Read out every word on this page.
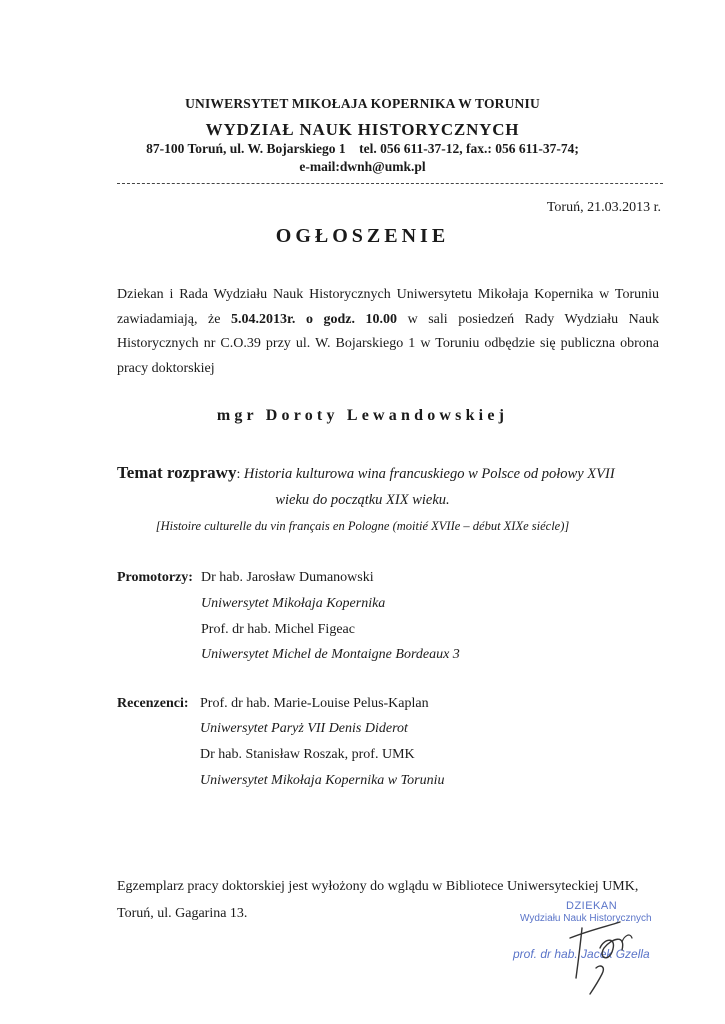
UNIWERSYTET MIKOŁAJA KOPERNIKA W TORUNIU
WYDZIAŁ NAUK HISTORYCZNYCH
87-100 Toruń, ul. W. Bojarskiego 1    tel. 056 611-37-12, fax.: 056 611-37-74;
e-mail:dwnh@umk.pl
Toruń, 21.03.2013 r.
OGŁOSZENIE
Dziekan i Rada Wydziału Nauk Historycznych Uniwersytetu Mikołaja Kopernika w Toruniu zawiadamiają, że 5.04.2013r. o godz. 10.00 w sali posiedzeń Rady Wydziału Nauk Historycznych nr C.O.39 przy ul. W. Bojarskiego 1 w Toruniu odbędzie się publiczna obrona pracy doktorskiej
mgr Doroty Lewandowskiej
Temat rozprawy: Historia kulturowa wina francuskiego w Polsce od połowy XVII
wieku do początku XIX wieku.
[Histoire culturelle du vin français en Pologne (moitié XVIIe – début XIXe siécle)]
Promotorzy: Dr hab. Jarosław Dumanowski
Uniwersytet Mikołaja Kopernika
Prof. dr hab. Michel Figeac
Uniwersytet Michel de Montaigne Bordeaux 3
Recenzenci: Prof. dr hab. Marie-Louise Pelus-Kaplan
Uniwersytet Paryż VII Denis Diderot
Dr hab. Stanisław Roszak, prof. UMK
Uniwersytet Mikołaja Kopernika w Toruniu
Egzemplarz pracy doktorskiej jest wyłożony do wglądu w Bibliotece Uniwersyteckiej UMK, Toruń, ul. Gagarina 13.	DZIEKAN
Wydziału Nauk Historycznych
prof. dr hab. Jacek Gzella
